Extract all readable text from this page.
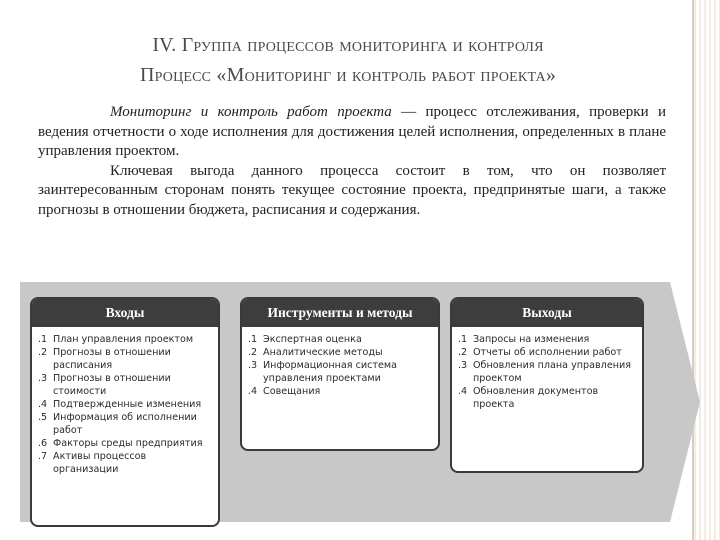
IV. Группа процессов мониторинга и контроля
Процесс «Мониторинг и контроль работ проекта»

Мониторинг и контроль работ проекта — процесс отслеживания, проверки и ведения отчетности о ходе исполнения для достижения целей исполнения, определенных в плане управления проектом.

Ключевая выгода данного процесса состоит в том, что он позволяет заинтересованным сторонам понять текущее состояние проекта, предпринятые шаги, а также прогнозы в отношении бюджета, расписания и содержания.

Входы
.1 План управления проектом
.2 Прогнозы в отношении расписания
.3 Прогнозы в отношении стоимости
.4 Подтвержденные изменения
.5 Информация об исполнении работ
.6 Факторы среды предприятия
.7 Активы процессов организации
Инструменты и методы
.1 Экспертная оценка
.2 Аналитические методы
.3 Информационная система управления проектами
.4 Совещания
Выходы
.1 Запросы на изменения
.2 Отчеты об исполнении работ
.3 Обновления плана управления проектом
.4 Обновления документов проекта
